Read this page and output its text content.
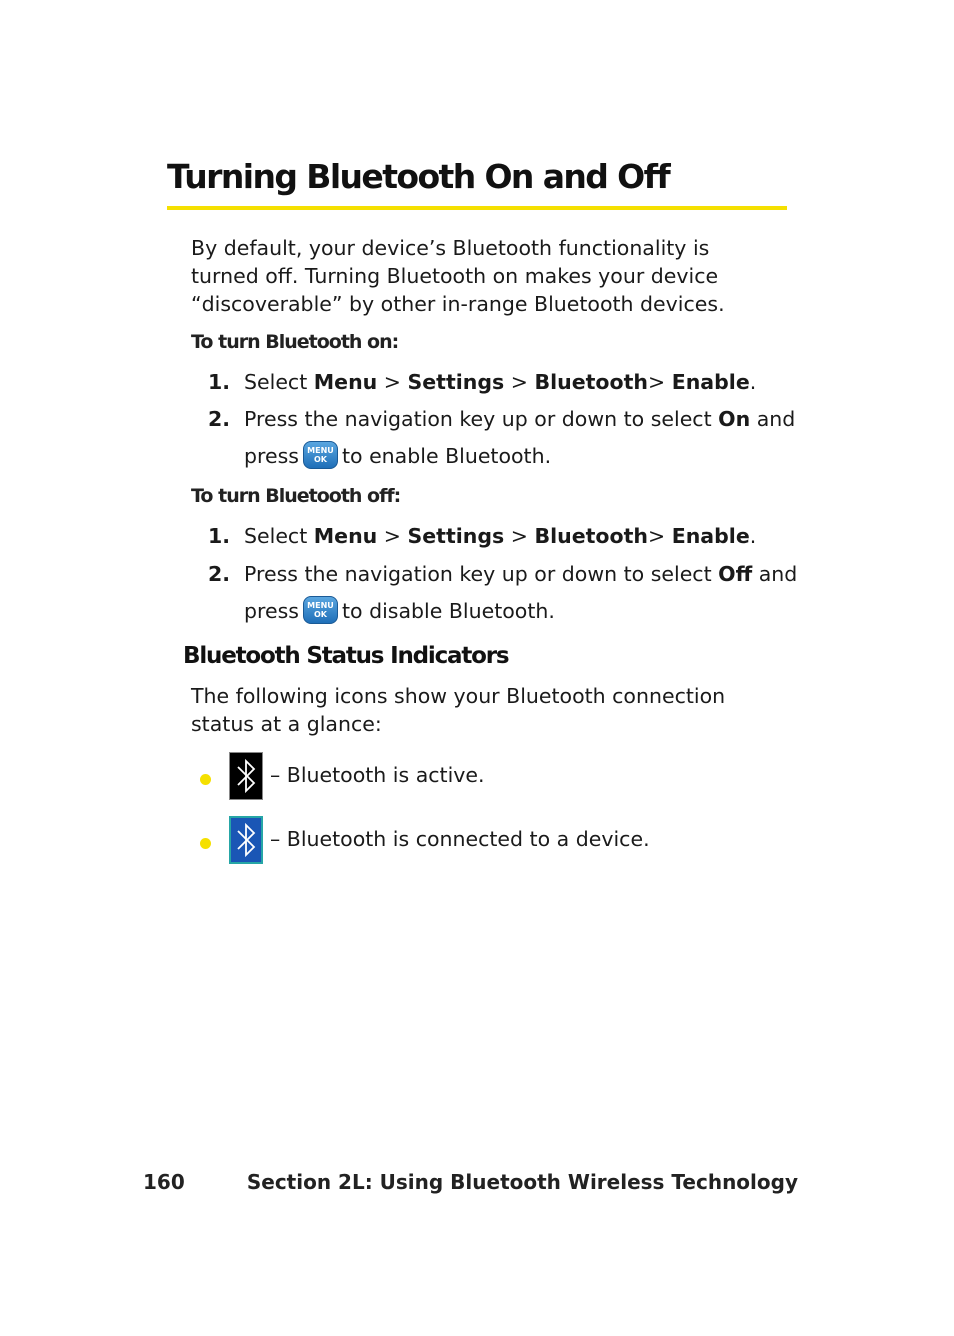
Turning Bluetooth On and Off
By default, your device’s Bluetooth functionality is turned off. Turning Bluetooth on makes your device “discoverable” by other in-range Bluetooth devices.
To turn Bluetooth on:
1. Select Menu > Settings > Bluetooth> Enable.
2. Press the navigation key up or down to select On and
press MENU
OK to enable Bluetooth.
To turn Bluetooth off:
1. Select Menu > Settings > Bluetooth> Enable.
2. Press the navigation key up or down to select Off and
press MENU
OK to disable Bluetooth.
Bluetooth Status Indicators
The following icons show your Bluetooth connection status at a glance:
– Bluetooth is active.
– Bluetooth is connected to a device.
160	Section 2L: Using Bluetooth Wireless Technology
